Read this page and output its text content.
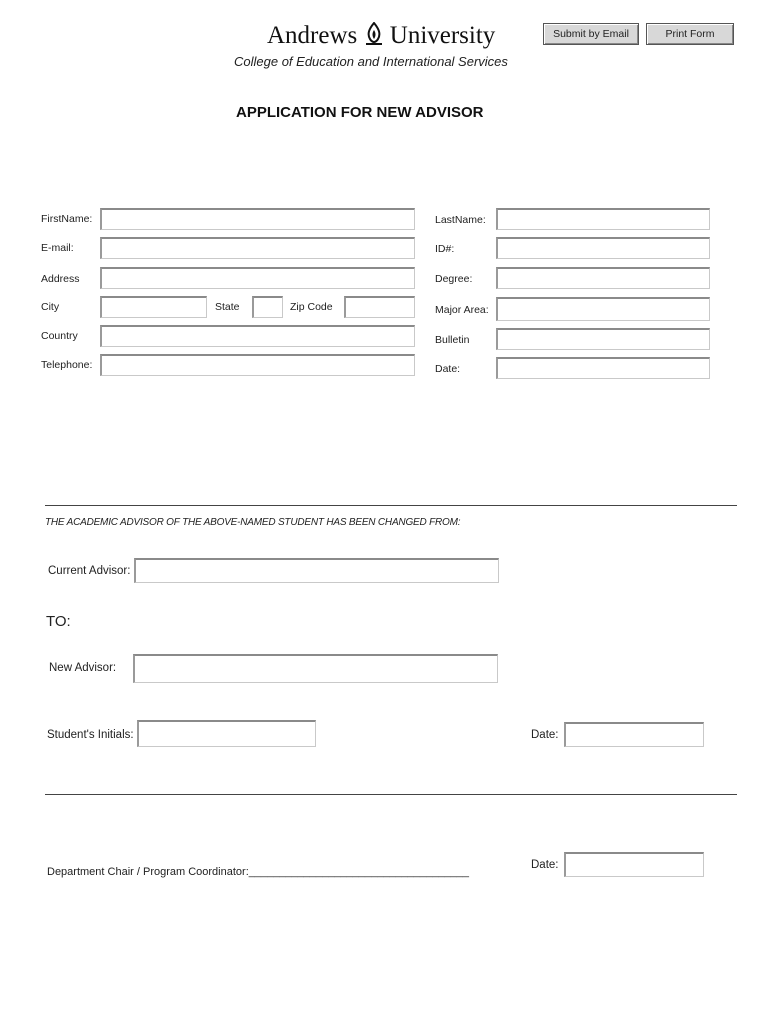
Andrews University
College of Education and International Services
Submit by Email	Print Form
APPLICATION FOR NEW ADVISOR
FirstName:
E-mail:
Address
City	State	Zip Code
Country
Telephone:
LastName:
ID#:
Degree:
Major Area:
Bulletin
Date:
THE ACADEMIC ADVISOR OF THE ABOVE-NAMED STUDENT HAS BEEN CHANGED FROM:
Current Advisor:
TO:
New Advisor:
Student's Initials:	Date:
Department Chair / Program Coordinator:____________________________________
Date:
